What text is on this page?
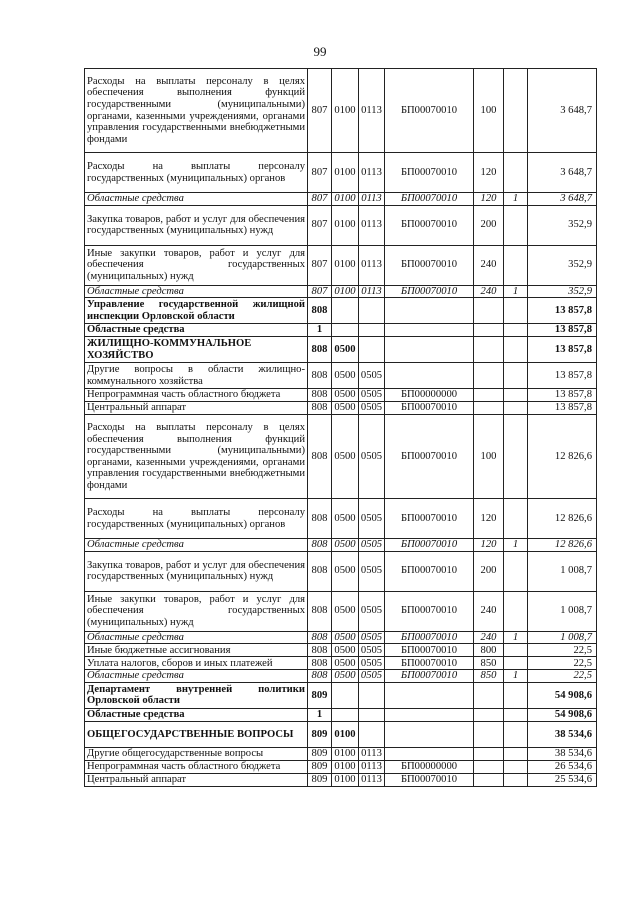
99
Расходы на выплаты персоналу в целях обеспечения выполнения функций государственными (муниципальными) органами, казенными учреждениями, органами управления государственными внебюджетными фондами	807	0100	0113	БП00070010	100		3 648,7
Расходы на выплаты персоналу государственных (муниципальных) органов	807	0100	0113	БП00070010	120		3 648,7
Областные средства	807	0100	0113	БП00070010	120	1	3 648,7
Закупка товаров, работ и услуг для обеспечения государственных (муниципальных) нужд	807	0100	0113	БП00070010	200		352,9
Иные закупки товаров, работ и услуг для обеспечения государственных (муниципальных) нужд	807	0100	0113	БП00070010	240		352,9
Областные средства	807	0100	0113	БП00070010	240	1	352,9
Управление государственной жилищной инспекции Орловской области	808						13 857,8
Областные средства	1						13 857,8
ЖИЛИЩНО-КОММУНАЛЬНОЕ ХОЗЯЙСТВО	808	0500					13 857,8
Другие вопросы в области жилищно-коммунального хозяйства	808	0500	0505				13 857,8
Непрограммная часть областного бюджета	808	0500	0505	БП00000000			13 857,8
Центральный аппарат	808	0500	0505	БП00070010			13 857,8
Расходы на выплаты персоналу в целях обеспечения выполнения функций государственными (муниципальными) органами, казенными учреждениями, органами управления государственными внебюджетными фондами	808	0500	0505	БП00070010	100		12 826,6
Расходы на выплаты персоналу государственных (муниципальных) органов	808	0500	0505	БП00070010	120		12 826,6
Областные средства	808	0500	0505	БП00070010	120	1	12 826,6
Закупка товаров, работ и услуг для обеспечения государственных (муниципальных) нужд	808	0500	0505	БП00070010	200		1 008,7
Иные закупки товаров, работ и услуг для обеспечения государственных (муниципальных) нужд	808	0500	0505	БП00070010	240		1 008,7
Областные средства	808	0500	0505	БП00070010	240	1	1 008,7
Иные бюджетные ассигнования	808	0500	0505	БП00070010	800		22,5
Уплата налогов, сборов и иных платежей	808	0500	0505	БП00070010	850		22,5
Областные средства	808	0500	0505	БП00070010	850	1	22,5
Департамент внутренней политики Орловской области	809						54 908,6
Областные средства	1						54 908,6
ОБЩЕГОСУДАРСТВЕННЫЕ ВОПРОСЫ	809	0100					38 534,6
Другие общегосударственные вопросы	809	0100	0113				38 534,6
Непрограммная часть областного бюджета	809	0100	0113	БП00000000			26 534,6
Центральный аппарат	809	0100	0113	БП00070010			25 534,6
